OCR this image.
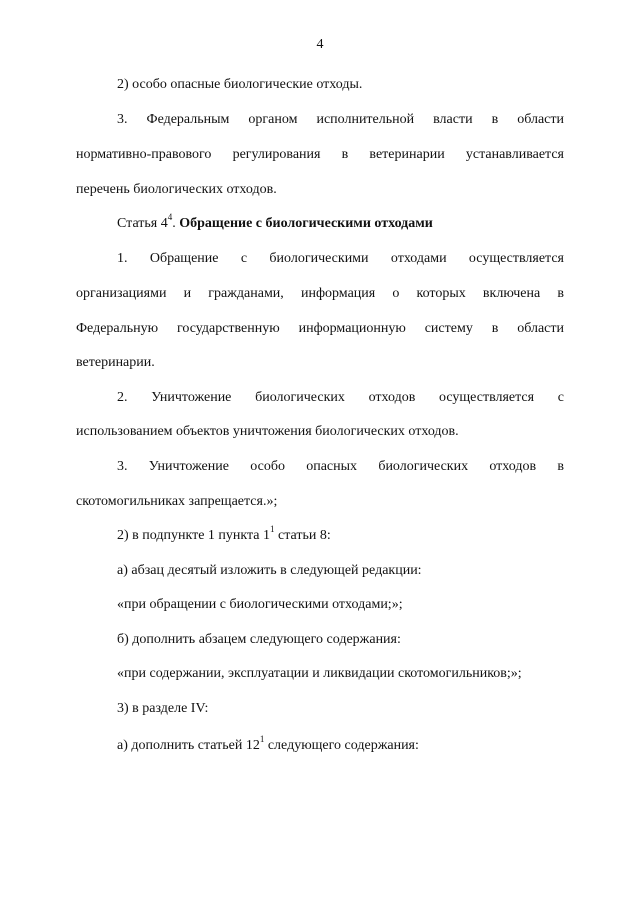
4
2) особо опасные биологические отходы.
3. Федеральным органом исполнительной власти в области
нормативно-правового регулирования в ветеринарии устанавливается
перечень биологических отходов.
Статья $4^4$. Обращение с биологическими отходами
1. Обращение с биологическими отходами осуществляется
организациями и гражданами, информация о которых включена в
Федеральную государственную информационную систему в области
ветеринарии.
2. Уничтожение биологических отходов осуществляется с
использованием объектов уничтожения биологических отходов.
3. Уничтожение особо опасных биологических отходов в
скотомогильниках запрещается.»;
2) в подпункте 1 пункта $1^1$ статьи 8:
а) абзац десятый изложить в следующей редакции:
«при обращении с биологическими отходами;»;
б) дополнить абзацем следующего содержания:
«при содержании, эксплуатации и ликвидации скотомогильников;»;
3) в разделе IV:
а) дополнить статьей $12^1$ следующего содержания:
